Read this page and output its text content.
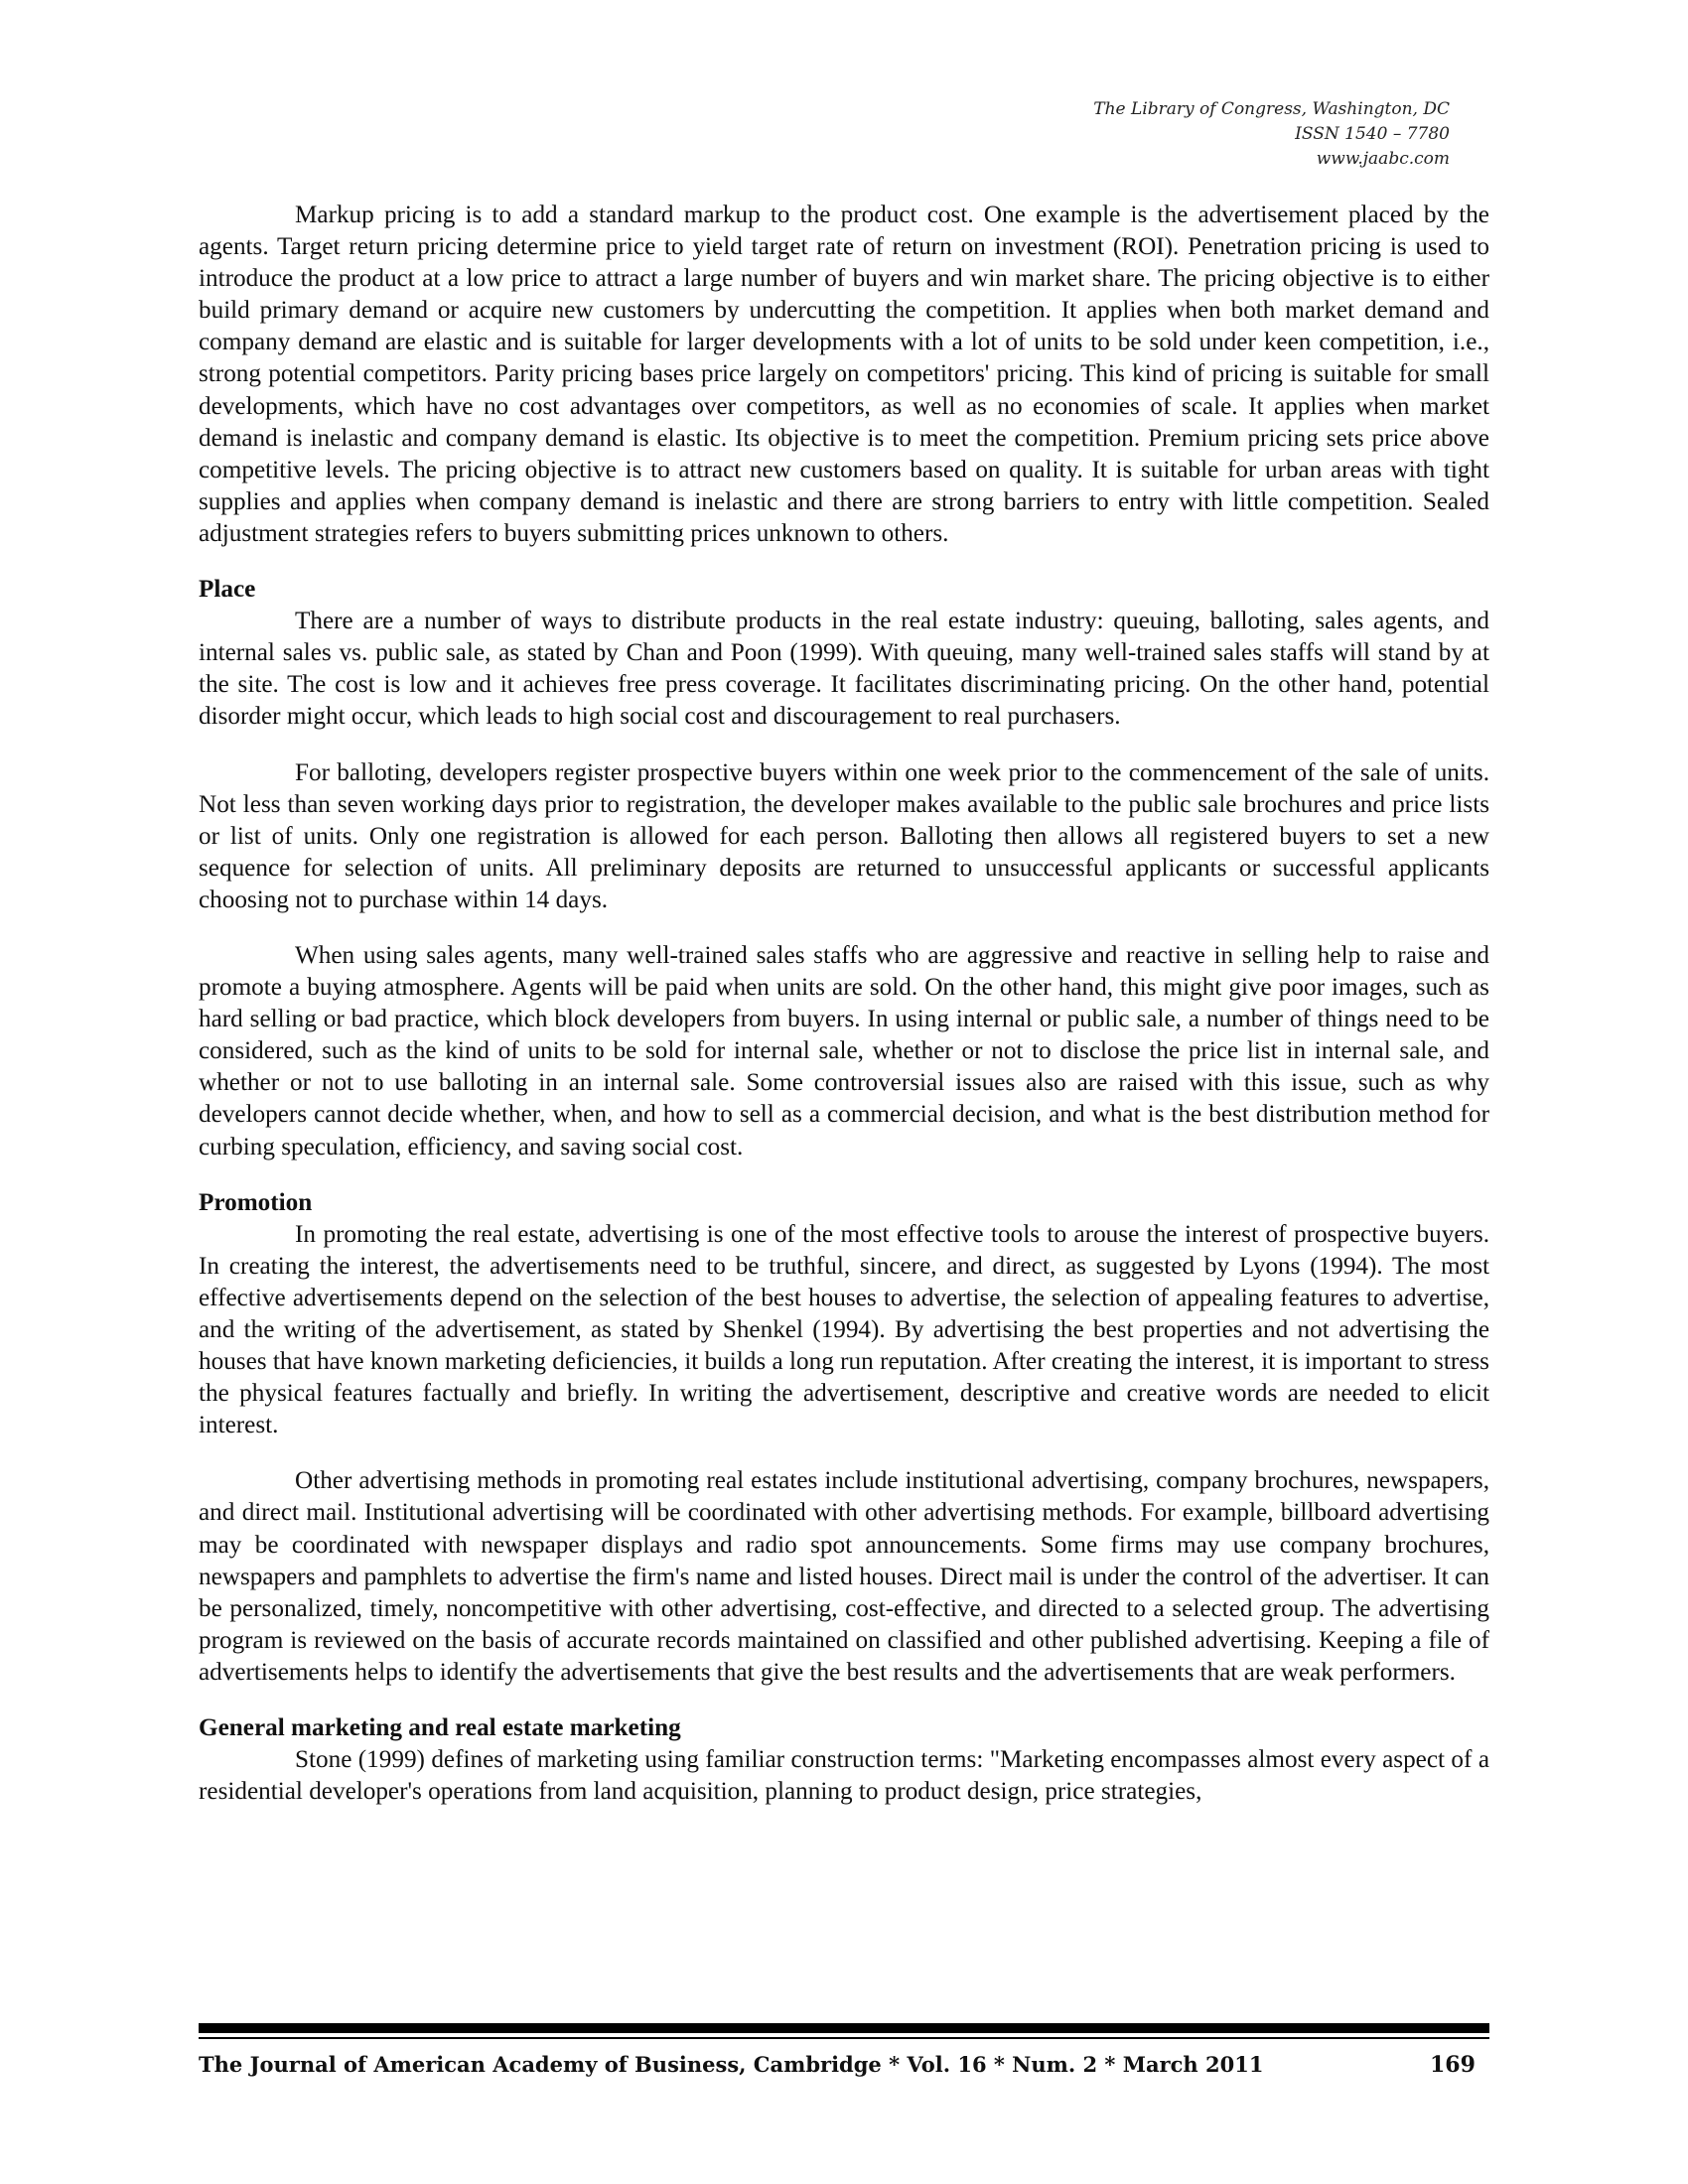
The Library of Congress, Washington, DC
ISSN 1540 – 7780
www.jaabc.com

Markup pricing is to add a standard markup to the product cost. One example is the advertisement placed by the agents. Target return pricing determine price to yield target rate of return on investment (ROI). Penetration pricing is used to introduce the product at a low price to attract a large number of buyers and win market share. The pricing objective is to either build primary demand or acquire new customers by undercutting the competition. It applies when both market demand and company demand are elastic and is suitable for larger developments with a lot of units to be sold under keen competition, i.e., strong potential competitors. Parity pricing bases price largely on competitors' pricing. This kind of pricing is suitable for small developments, which have no cost advantages over competitors, as well as no economies of scale. It applies when market demand is inelastic and company demand is elastic. Its objective is to meet the competition. Premium pricing sets price above competitive levels. The pricing objective is to attract new customers based on quality. It is suitable for urban areas with tight supplies and applies when company demand is inelastic and there are strong barriers to entry with little competition. Sealed adjustment strategies refers to buyers submitting prices unknown to others.

Place

There are a number of ways to distribute products in the real estate industry: queuing, balloting, sales agents, and internal sales vs. public sale, as stated by Chan and Poon (1999). With queuing, many well-trained sales staffs will stand by at the site. The cost is low and it achieves free press coverage. It facilitates discriminating pricing. On the other hand, potential disorder might occur, which leads to high social cost and discouragement to real purchasers.

For balloting, developers register prospective buyers within one week prior to the commencement of the sale of units. Not less than seven working days prior to registration, the developer makes available to the public sale brochures and price lists or list of units. Only one registration is allowed for each person. Balloting then allows all registered buyers to set a new sequence for selection of units. All preliminary deposits are returned to unsuccessful applicants or successful applicants choosing not to purchase within 14 days.

When using sales agents, many well-trained sales staffs who are aggressive and reactive in selling help to raise and promote a buying atmosphere. Agents will be paid when units are sold. On the other hand, this might give poor images, such as hard selling or bad practice, which block developers from buyers. In using internal or public sale, a number of things need to be considered, such as the kind of units to be sold for internal sale, whether or not to disclose the price list in internal sale, and whether or not to use balloting in an internal sale. Some controversial issues also are raised with this issue, such as why developers cannot decide whether, when, and how to sell as a commercial decision, and what is the best distribution method for curbing speculation, efficiency, and saving social cost.

Promotion

In promoting the real estate, advertising is one of the most effective tools to arouse the interest of prospective buyers. In creating the interest, the advertisements need to be truthful, sincere, and direct, as suggested by Lyons (1994). The most effective advertisements depend on the selection of the best houses to advertise, the selection of appealing features to advertise, and the writing of the advertisement, as stated by Shenkel (1994). By advertising the best properties and not advertising the houses that have known marketing deficiencies, it builds a long run reputation. After creating the interest, it is important to stress the physical features factually and briefly. In writing the advertisement, descriptive and creative words are needed to elicit interest.

Other advertising methods in promoting real estates include institutional advertising, company brochures, newspapers, and direct mail. Institutional advertising will be coordinated with other advertising methods. For example, billboard advertising may be coordinated with newspaper displays and radio spot announcements. Some firms may use company brochures, newspapers and pamphlets to advertise the firm's name and listed houses. Direct mail is under the control of the advertiser. It can be personalized, timely, noncompetitive with other advertising, cost-effective, and directed to a selected group. The advertising program is reviewed on the basis of accurate records maintained on classified and other published advertising. Keeping a file of advertisements helps to identify the advertisements that give the best results and the advertisements that are weak performers.

General marketing and real estate marketing

Stone (1999) defines of marketing using familiar construction terms: "Marketing encompasses almost every aspect of a residential developer's operations from land acquisition, planning to product design, price strategies,

The Journal of American Academy of Business, Cambridge * Vol. 16 * Num. 2 * March 2011	169
